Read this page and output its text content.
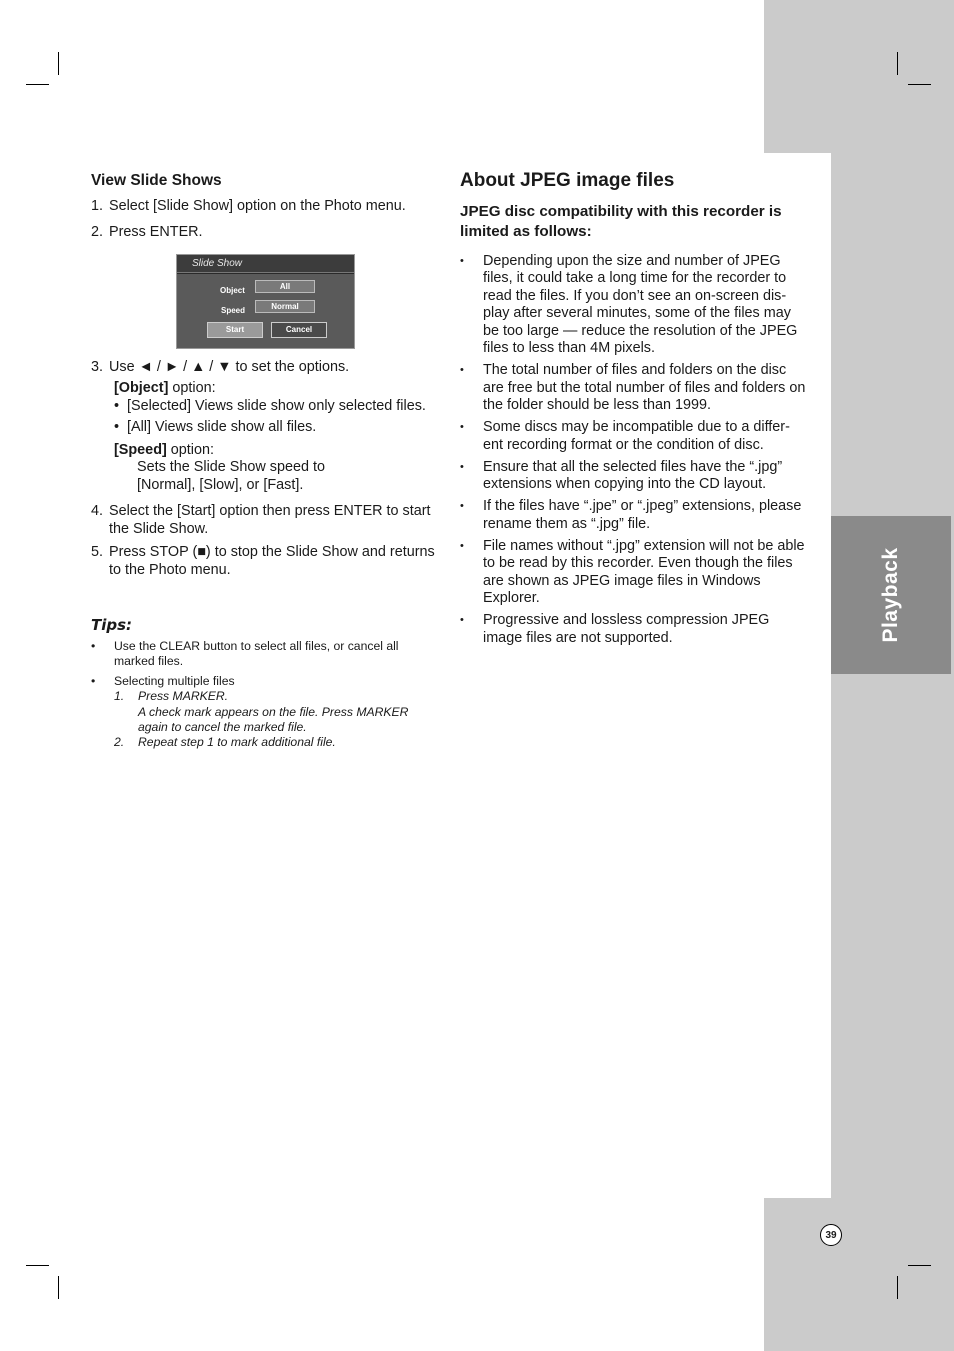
Playback
39
View Slide Shows
1. Select [Slide Show] option on the Photo menu.
2. Press ENTER.
Slide Show
Object	All
Speed	Normal
Start	Cancel
3. Use ◄ / ► / ▲ / ▼ to set the options.
[Object] option:
• [Selected] Views slide show only selected files.
• [All] Views slide show all files.
[Speed] option:
Sets the Slide Show speed to
[Normal], [Slow], or [Fast].
4. Select the [Start] option then press ENTER to start the Slide Show.
5. Press STOP (■) to stop the Slide Show and returns to the Photo menu.
Tips:
• Use the CLEAR button to select all files, or cancel all marked files.
• Selecting multiple files
1. Press MARKER.
A check mark appears on the file. Press MARKER again to cancel the marked file.
2. Repeat step 1 to mark additional file.
About JPEG image files
JPEG disc compatibility with this recorder is limited as follows:
• Depending upon the size and number of JPEG files, it could take a long time for the recorder to read the files. If you don’t see an on-screen dis- play after several minutes, some of the files may be too large — reduce the resolution of the JPEG files to less than 4M pixels.
• The total number of files and folders on the disc are free but the total number of files and folders on the folder should be less than 1999.
• Some discs may be incompatible due to a differ- ent recording format or the condition of disc.
• Ensure that all the selected files have the “.jpg” extensions when copying into the CD layout.
• If the files have “.jpe” or “.jpeg” extensions, please rename them as “.jpg” file.
• File names without “.jpg” extension will not be able to be read by this recorder. Even though the files are shown as JPEG image files in Windows Explorer.
• Progressive and lossless compression JPEG image files are not supported.
